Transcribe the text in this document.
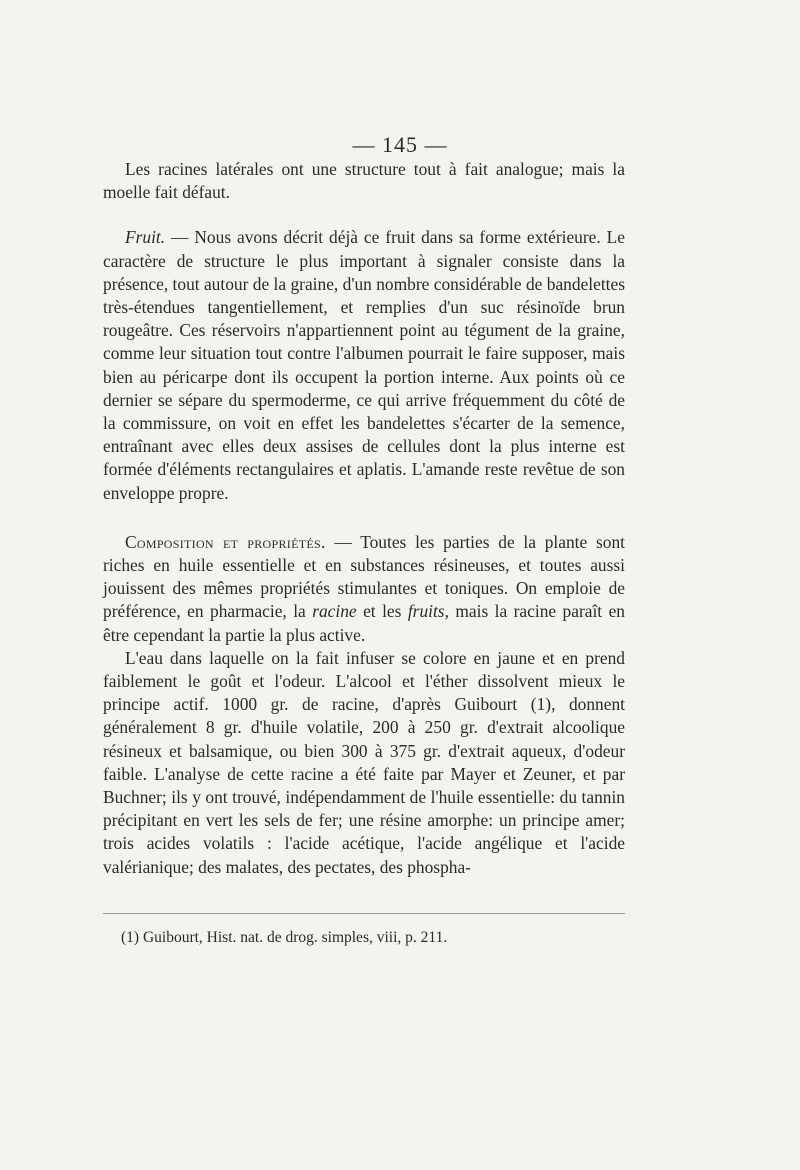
— 145 —

Les racines latérales ont une structure tout à fait analogue; mais la moelle fait défaut.

Fruit. — Nous avons décrit déjà ce fruit dans sa forme extérieure. Le caractère de structure le plus important à signaler consiste dans la présence, tout autour de la graine, d'un nombre considérable de bandelettes très-étendues tangentiellement, et remplies d'un suc résinoïde brun rougeâtre. Ces réservoirs n'appartiennent point au tégument de la graine, comme leur situation tout contre l'albumen pourrait le faire supposer, mais bien au péricarpe dont ils occupent la portion interne. Aux points où ce dernier se sépare du spermoderme, ce qui arrive fréquemment du côté de la commissure, on voit en effet les bandelettes s'écarter de la semence, entraînant avec elles deux assises de cellules dont la plus interne est formée d'éléments rectangulaires et aplatis. L'amande reste revêtue de son enveloppe propre.

Composition et propriétés. — Toutes les parties de la plante sont riches en huile essentielle et en substances résineuses, et toutes aussi jouissent des mêmes propriétés stimulantes et toniques. On emploie de préférence, en pharmacie, la racine et les fruits, mais la racine paraît en être cependant la partie la plus active.

L'eau dans laquelle on la fait infuser se colore en jaune et en prend faiblement le goût et l'odeur. L'alcool et l'éther dissolvent mieux le principe actif. 1000 gr. de racine, d'après Guibourt (1), donnent généralement 8 gr. d'huile volatile, 200 à 250 gr. d'extrait alcoolique résineux et balsamique, ou bien 300 à 375 gr. d'extrait aqueux, d'odeur faible. L'analyse de cette racine a été faite par Mayer et Zeuner, et par Buchner; ils y ont trouvé, indépendamment de l'huile essentielle: du tannin précipitant en vert les sels de fer; une résine amorphe: un principe amer; trois acides volatils : l'acide acétique, l'acide angélique et l'acide valérianique; des malates, des pectates, des phospha-

(1) Guibourt, Hist. nat. de drog. simples, viii, p. 211.
